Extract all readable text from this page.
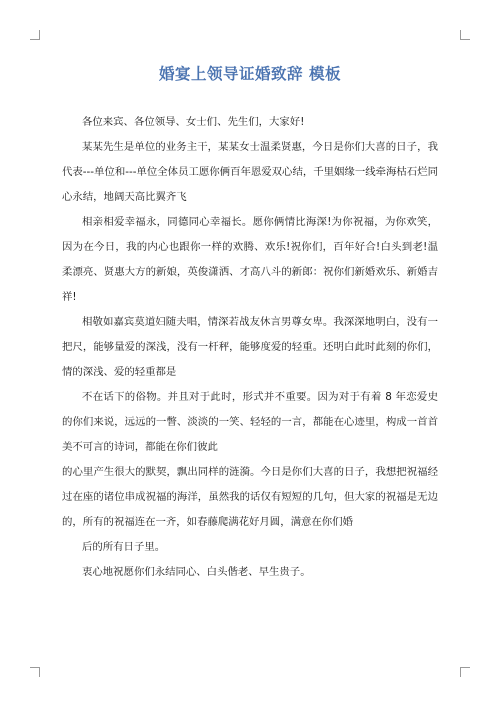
婚宴上领导证婚致辞 模板

各位来宾、各位领导、女士们、先生们，大家好!

某某先生是单位的业务主干，某某女士温柔贤惠，今日是你们大喜的日子，我代表---单位和---单位全体员工愿你俩百年恩爱双心结，千里姻缘一线牵海枯石烂同心永结，地阔天高比翼齐飞

相亲相爱幸福永，同德同心幸福长。愿你俩情比海深!为你祝福，为你欢笑，因为在今日，我的内心也跟你一样的欢腾、欢乐!祝你们，百年好合!白头到老!温柔漂亮、贤惠大方的新娘，英俊潇洒、才高八斗的新郎：祝你们新婚欢乐、新婚吉祥!

相敬如嘉宾莫道妇随夫唱，情深若战友休言男尊女卑。我深深地明白，没有一把尺，能够量爱的深浅，没有一杆秤，能够度爱的轻重。还明白此时此刻的你们，情的深浅、爱的轻重都是

不在话下的俗物。并且对于此时，形式并不重要。因为对于有着 8 年恋爱史的你们来说，远远的一瞥、淡淡的一笑、轻轻的一言，都能在心迹里，构成一首首美不可言的诗词，都能在你们彼此

的心里产生很大的默契，飘出同样的涟漪。今日是你们大喜的日子，我想把祝福经过在座的诸位串成祝福的海洋，虽然我的话仅有短短的几句，但大家的祝福是无边的，所有的祝福连在一齐，如春藤爬满花好月圆，满意在你们婚

后的所有日子里。

衷心地祝愿你们永结同心、白头偕老、早生贵子。
